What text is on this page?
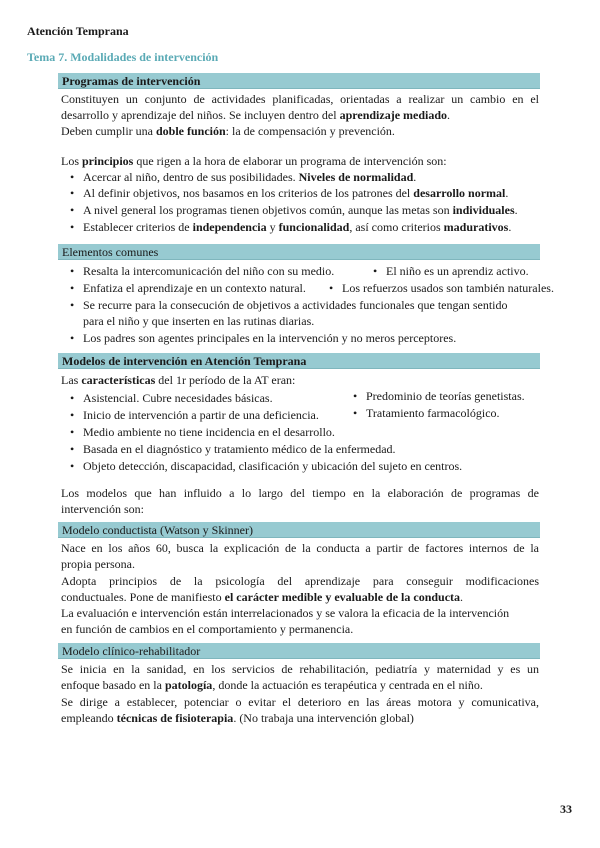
Atención Temprana
Tema 7. Modalidades de intervención
Programas de intervención
Constituyen un conjunto de actividades planificadas, orientadas a realizar un cambio en el
desarrollo y aprendizaje del niños. Se incluyen dentro del aprendizaje mediado.
Deben cumplir una doble función: la de compensación y prevención.
Los principios que rigen a la hora de elaborar un programa de intervención son:
• Acercar al niño, dentro de sus posibilidades. Niveles de normalidad.
• Al definir objetivos, nos basamos en los criterios de los patrones del desarrollo normal.
• A nivel general los programas tienen objetivos común, aunque las metas son individuales.
• Establecer criterios de independencia y funcionalidad, así como criterios madurativos.
Elementos comunes
• Resalta la intercomunicación del niño con su medio.	• El niño es un aprendiz activo.
• Enfatiza el aprendizaje en un contexto natural.	• Los refuerzos usados son también naturales.
• Se recurre para la consecución de objetivos a actividades funcionales que tengan sentido
para el niño y que inserten en las rutinas diarias.
• Los padres son agentes principales en la intervención y no meros perceptores.
Modelos de intervención en Atención Temprana
Las características del 1r período de la AT eran:
• Asistencial. Cubre necesidades básicas.	• Predominio de teorías genetistas.
• Inicio de intervención a partir de una deficiencia.	• Tratamiento farmacológico.
• Medio ambiente no tiene incidencia en el desarrollo.
• Basada en el diagnóstico y tratamiento médico de la enfermedad.
• Objeto detección, discapacidad, clasificación y ubicación del sujeto en centros.
Los modelos que han influido a lo largo del tiempo en la elaboración de programas de
intervención son:
Modelo conductista (Watson y Skinner)
Nace en los años 60, busca la explicación de la conducta a partir de factores internos de la
propia persona.
Adopta principios de la psicología del aprendizaje para conseguir modificaciones
conductuales. Pone de manifiesto el carácter medible y evaluable de la conducta.
La evaluación e intervención están interrelacionados y se valora la eficacia de la intervención
en función de cambios en el comportamiento y permanencia.
Modelo clínico-rehabilitador
Se inicia en la sanidad, en los servicios de rehabilitación, pediatría y maternidad y es un
enfoque basado en la patología, donde la actuación es terapéutica y centrada en el niño.
Se dirige a establecer, potenciar o evitar el deterioro en las áreas motora y comunicativa,
empleando técnicas de fisioterapia. (No trabaja una intervención global)
33
